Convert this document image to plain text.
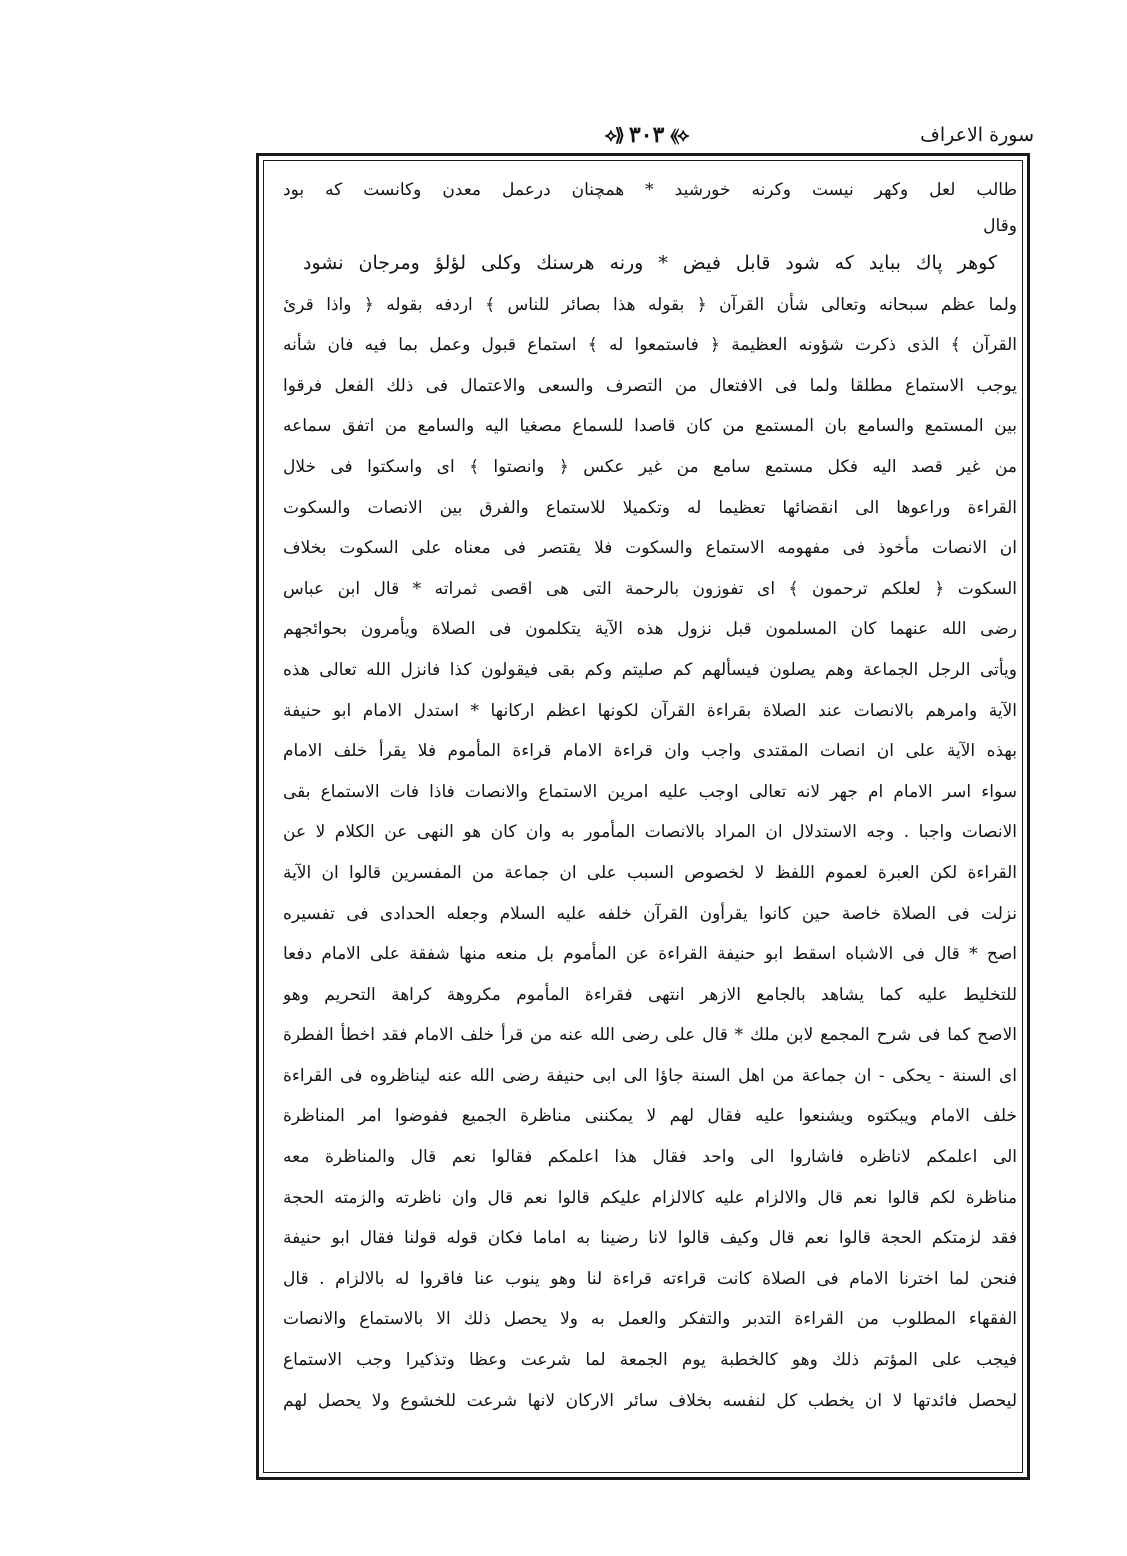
سورة الاعراف
⟡⟫
٣٠٣
⟪⟡
طالب لعل وكهر نيست وكرنه خورشيد * همچنان درعمل معدن وكانست كه بود
وقال
كوهر پاك ببايد كه شود قابل فيض * ورنه هرسنك وكلى لؤلؤ ومرجان نشود
ولما عظم سبحانه وتعالى شأن القرآن ﴿ بقوله هذا بصائر للناس ﴾ اردفه بقوله ﴿ واذا قرئ
القرآن ﴾ الذى ذكرت شؤونه العظيمة ﴿ فاستمعوا له ﴾ استماع قبول وعمل بما فيه فان شأنه
يوجب الاستماع مطلقا ولما فى الافتعال من التصرف والسعى والاعتمال فى ذلك الفعل فرقوا
بين المستمع والسامع بان المستمع من كان قاصدا للسماع مصغيا اليه والسامع من اتفق سماعه
من غير قصد اليه فكل مستمع سامع من غير عكس ﴿ وانصتوا ﴾ اى واسكتوا فى خلال
القراءة وراعوها الى انقضائها تعظيما له وتكميلا للاستماع والفرق بين الانصات والسكوت
ان الانصات مأخوذ فى مفهومه الاستماع والسكوت فلا يقتصر فى معناه على السكوت بخلاف
السكوت ﴿ لعلكم ترحمون ﴾ اى تفوزون بالرحمة التى هى اقصى ثمراته * قال ابن عباس
رضى الله عنهما كان المسلمون قبل نزول هذه الآية يتكلمون فى الصلاة ويأمرون بحوائجهم
ويأتى الرجل الجماعة وهم يصلون فيسألهم كم صليتم وكم بقى فيقولون كذا فانزل الله تعالى هذه
الآية وامرهم بالانصات عند الصلاة بقراءة القرآن لكونها اعظم اركانها * استدل الامام ابو حنيفة
بهذه الآية على ان انصات المقتدى واجب وان قراءة الامام قراءة المأموم فلا يقرأ خلف الامام
سواء اسر الامام ام جهر لانه تعالى اوجب عليه امرين الاستماع والانصات فاذا فات الاستماع بقى
الانصات واجبا . وجه الاستدلال ان المراد بالانصات المأمور به وان كان هو النهى عن الكلام لا عن
القراءة لكن العبرة لعموم اللفظ لا لخصوص السبب على ان جماعة من المفسرين قالوا ان الآية
نزلت فى الصلاة خاصة حين كانوا يقرأون القرآن خلفه عليه السلام وجعله الحدادى فى تفسيره
اصح * قال فى الاشباه اسقط ابو حنيفة القراءة عن المأموم بل منعه منها شفقة على الامام دفعا
للتخليط عليه كما يشاهد بالجامع الازهر انتهى فقراءة المأموم مكروهة كراهة التحريم وهو
الاصح كما فى شرح المجمع لابن ملك * قال على رضى الله عنه من قرأ خلف الامام فقد اخطأ الفطرة
اى السنة - يحكى - ان جماعة من اهل السنة جاؤا الى ابى حنيفة رضى الله عنه ليناظروه فى القراءة
خلف الامام ويبكتوه ويشنعوا عليه فقال لهم لا يمكننى مناظرة الجميع ففوضوا امر المناظرة
الى اعلمكم لاناظره فاشاروا الى واحد فقال هذا اعلمكم فقالوا نعم قال والمناظرة معه
مناظرة لكم قالوا نعم قال والالزام عليه كالالزام عليكم قالوا نعم قال وان ناظرته والزمته الحجة
فقد لزمتكم الحجة قالوا نعم قال وكيف قالوا لانا رضينا به اماما فكان قوله قولنا فقال ابو حنيفة
فنحن لما اخترنا الامام فى الصلاة كانت قراءته قراءة لنا وهو ينوب عنا فاقروا له بالالزام . قال
الفقهاء المطلوب من القراءة التدبر والتفكر والعمل به ولا يحصل ذلك الا بالاستماع والانصات
فيجب على المؤتم ذلك وهو كالخطبة يوم الجمعة لما شرعت وعظا وتذكيرا وجب الاستماع
ليحصل فائدتها لا ان يخطب كل لنفسه بخلاف سائر الاركان لانها شرعت للخشوع ولا يحصل لهم
